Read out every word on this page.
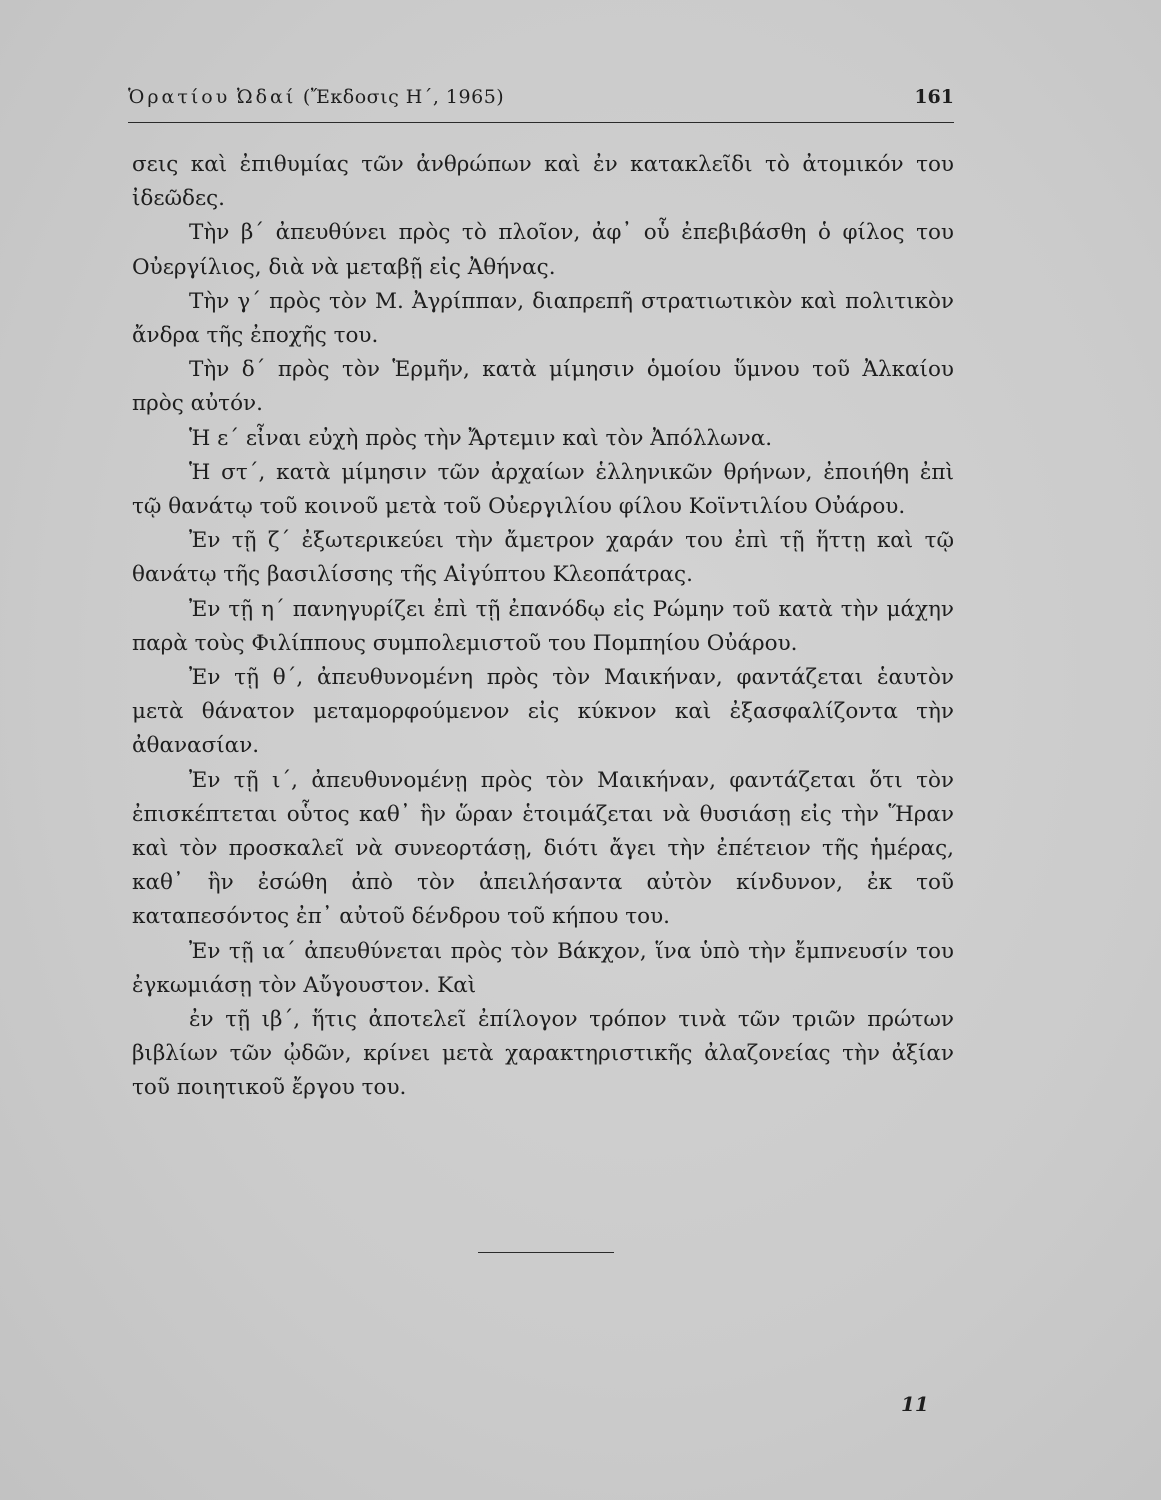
Ὁρατίου Ὠδαί (Ἔκδοσις Η΄, 1965)	161

σεις καὶ ἐπιθυμίας τῶν ἀνθρώπων καὶ ἐν κατακλεῖδι τὸ ἀτομικόν του ἰδεῶδες.

Τὴν β΄ ἀπευθύνει πρὸς τὸ πλοῖον, ἀφ᾽ οὗ ἐπεβιβάσθη ὁ φίλος του Οὐεργίλιος, διὰ νὰ μεταβῇ εἰς Ἀθήνας.

Τὴν γ΄ πρὸς τὸν Μ. Ἀγρίππαν, διαπρεπῆ στρατιωτικὸν καὶ πολιτικὸν ἄνδρα τῆς ἐποχῆς του.

Τὴν δ΄ πρὸς τὸν Ἑρμῆν, κατὰ μίμησιν ὁμοίου ὕμνου τοῦ Ἀλκαίου πρὸς αὐτόν.

Ἡ ε΄ εἶναι εὐχὴ πρὸς τὴν Ἄρτεμιν καὶ τὸν Ἀπόλλωνα.

Ἡ στ΄, κατὰ μίμησιν τῶν ἀρχαίων ἑλληνικῶν θρήνων, ἐποιήθη ἐπὶ τῷ θανάτῳ τοῦ κοινοῦ μετὰ τοῦ Οὐεργιλίου φίλου Κοϊντιλίου Οὐάρου.

Ἐν τῇ ζ΄ ἐξωτερικεύει τὴν ἄμετρον χαράν του ἐπὶ τῇ ἥττῃ καὶ τῷ θανάτῳ τῆς βασιλίσσης τῆς Αἰγύπτου Κλεοπάτρας.

Ἐν τῇ η΄ πανηγυρίζει ἐπὶ τῇ ἐπανόδῳ εἰς Ρώμην τοῦ κατὰ τὴν μάχην παρὰ τοὺς Φιλίππους συμπολεμιστοῦ του Πομπηίου Οὐάρου.

Ἐν τῇ θ΄, ἀπευθυνομένη πρὸς τὸν Μαικήναν, φαντάζεται ἑαυτὸν μετὰ θάνατον μεταμορφούμενον εἰς κύκνον καὶ ἐξασφαλίζοντα τὴν ἀθανασίαν.

Ἐν τῇ ι΄, ἀπευθυνομένῃ πρὸς τὸν Μαικήναν, φαντάζεται ὅτι τὸν ἐπισκέπτεται οὗτος καθ᾽ ἣν ὥραν ἑτοιμάζεται νὰ θυσιάσῃ εἰς τὴν Ἥραν καὶ τὸν προσκαλεῖ νὰ συνεορτάσῃ, διότι ἄγει τὴν ἐπέτειον τῆς ἡμέρας, καθ᾽ ἣν ἐσώθη ἀπὸ τὸν ἀπειλήσαντα αὐτὸν κίνδυνον, ἐκ τοῦ καταπεσόντος ἐπ᾽ αὐτοῦ δένδρου τοῦ κήπου του.

Ἐν τῇ ια΄ ἀπευθύνεται πρὸς τὸν Βάκχον, ἵνα ὑπὸ τὴν ἔμπνευσίν του ἐγκωμιάσῃ τὸν Αὔγουστον. Καὶ

ἐν τῇ ιβ΄, ἥτις ἀποτελεῖ ἐπίλογον τρόπον τινὰ τῶν τριῶν πρώτων βιβλίων τῶν ᾠδῶν, κρίνει μετὰ χαρακτηριστικῆς ἀλαζονείας τὴν ἀξίαν τοῦ ποιητικοῦ ἔργου του.

11
